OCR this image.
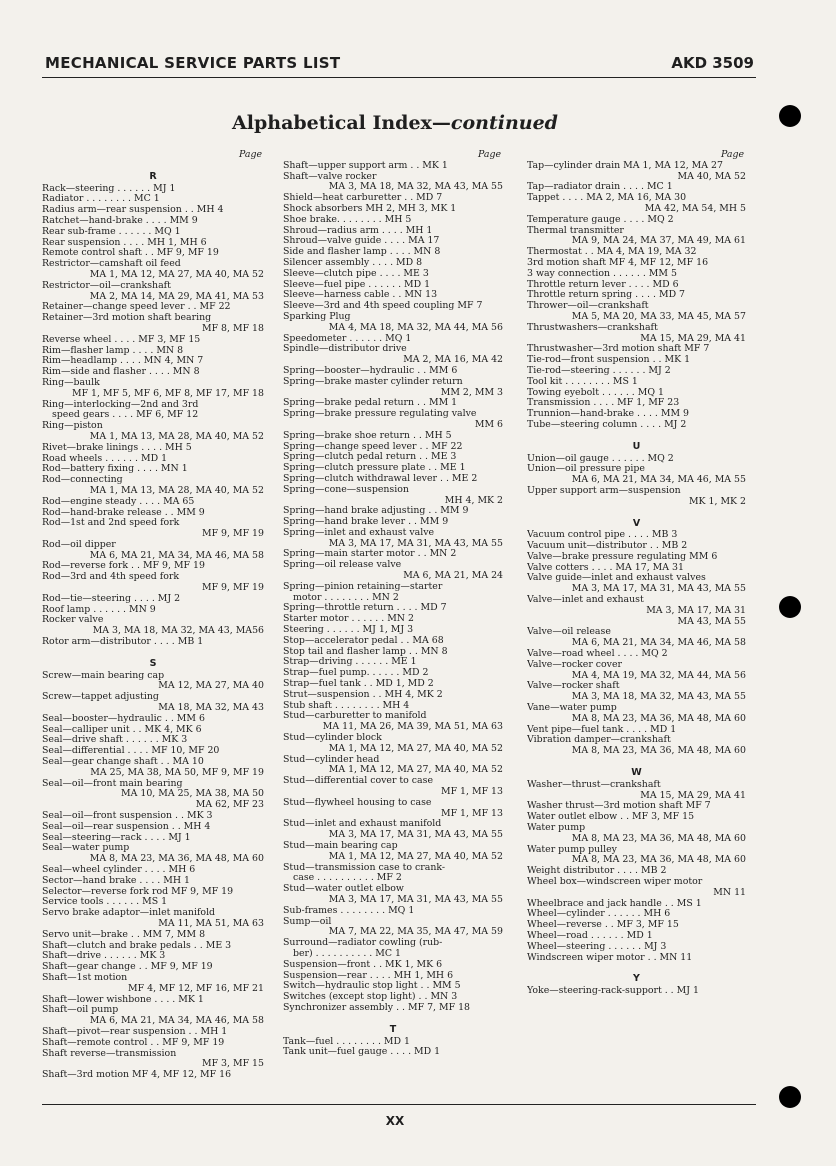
MECHANICAL SERVICE PARTS LIST	AKD 3509
Alphabetical Index—continued
Page
R
Rack—steering . . . . . . MJ 1
Radiator . . . . . . . . MC 1
Radius arm—rear suspension . . MH 4
Ratchet—hand-brake . . . . MM 9
Rear sub-frame . . . . . . MQ 1
Rear suspension . . . . MH 1, MH 6
Remote control shaft . . MF 9, MF 19
Restrictor—camshaft oil feed
MA 1, MA 12, MA 27, MA 40, MA 52
Restrictor—oil—crankshaft
MA 2, MA 14, MA 29, MA 41, MA 53
Retainer—change speed lever . . MF 22
Retainer—3rd motion shaft bearing
MF 8, MF 18
Reverse wheel . . . . MF 3, MF 15
Rim—flasher lamp . . . . MN 8
Rim—headlamp . . . . MN 4, MN 7
Rim—side and flasher . . . . MN 8
Ring—baulk
MF 1, MF 5, MF 6, MF 8, MF 17, MF 18
Ring—interlocking—2nd and 3rd
speed gears . . . . MF 6, MF 12
Ring—piston
MA 1, MA 13, MA 28, MA 40, MA 52
Rivet—brake linings . . . . MH 5
Road wheels . . . . . . MD 1
Rod—battery fixing . . . . MN 1
Rod—connecting
MA 1, MA 13, MA 28, MA 40, MA 52
Rod—engine steady . . . . MA 65
Rod—hand-brake release . . MM 9
Rod—1st and 2nd speed fork
MF 9, MF 19
Rod—oil dipper
MA 6, MA 21, MA 34, MA 46, MA 58
Rod—reverse fork . . MF 9, MF 19
Rod—3rd and 4th speed fork
MF 9, MF 19
Rod—tie—steering . . . . MJ 2
Roof lamp . . . . . . MN 9
Rocker valve
MA 3, MA 18, MA 32, MA 43, MA56
Rotor arm—distributor . . . . MB 1
S
Screw—main bearing cap
MA 12, MA 27, MA 40
Screw—tappet adjusting
MA 18, MA 32, MA 43
Seal—booster—hydraulic . . MM 6
Seal—calliper unit . . MK 4, MK 6
Seal—drive shaft . . . . . . MK 3
Seal—differential . . . . MF 10, MF 20
Seal—gear change shaft . . MA 10
MA 25, MA 38, MA 50, MF 9, MF 19
Seal—oil—front main bearing
MA 10, MA 25, MA 38, MA 50
MA 62, MF 23
Seal—oil—front suspension . . MK 3
Seal—oil—rear suspension . . MH 4
Seal—steering—rack . . . . MJ 1
Seal—water pump
MA 8, MA 23, MA 36, MA 48, MA 60
Seal—wheel cylinder . . . . MH 6
Sector—hand brake . . . . MH 1
Selector—reverse fork rod MF 9, MF 19
Service tools . . . . . . MS 1
Servo brake adaptor—inlet manifold
MA 11, MA 51, MA 63
Servo unit—brake . . MM 7, MM 8
Shaft—clutch and brake pedals . . ME 3
Shaft—drive . . . . . . MK 3
Shaft—gear change . . MF 9, MF 19
Shaft—1st motion
MF 4, MF 12, MF 16, MF 21
Shaft—lower wishbone . . . . MK 1
Shaft—oil pump
MA 6, MA 21, MA 34, MA 46, MA 58
Shaft—pivot—rear suspension . . MH 1
Shaft—remote control . . MF 9, MF 19
Shaft reverse—transmission
MF 3, MF 15
Shaft—3rd motion MF 4, MF 12, MF 16
Page
Shaft—upper support arm . . MK 1
Shaft—valve rocker
MA 3, MA 18, MA 32, MA 43, MA 55
Shield—heat carburetter . . MD 7
Shock absorbers MH 2, MH 3, MK 1
Shoe brake. . . . . . . . MH 5
Shroud—radius arm . . . . MH 1
Shroud—valve guide . . . . MA 17
Side and flasher lamp . . . . MN 8
Silencer assembly . . . . MD 8
Sleeve—clutch pipe . . . . ME 3
Sleeve—fuel pipe . . . . . . MD 1
Sleeve—harness cable . . MN 13
Sleeve—3rd and 4th speed coupling MF 7
Sparking Plug
MA 4, MA 18, MA 32, MA 44, MA 56
Speedometer . . . . . . MQ 1
Spindle—distributor drive
MA 2, MA 16, MA 42
Spring—booster—hydraulic . . MM 6
Spring—brake master cylinder return
MM 2, MM 3
Spring—brake pedal return . . MM 1
Spring—brake pressure regulating valve
MM 6
Spring—brake shoe return . . MH 5
Spring—change speed lever . . MF 22
Spring—clutch pedal return . . ME 3
Spring—clutch pressure plate . . ME 1
Spring—clutch withdrawal lever . . ME 2
Spring—cone—suspension
MH 4, MK 2
Spring—hand brake adjusting . . MM 9
Spring—hand brake lever . . MM 9
Spring—inlet and exhaust valve
MA 3, MA 17, MA 31, MA 43, MA 55
Spring—main starter motor . . MN 2
Spring—oil release valve
MA 6, MA 21, MA 24
Spring—pinion retaining—starter
motor . . . . . . . . MN 2
Spring—throttle return . . . . MD 7
Starter motor . . . . . . MN 2
Steering . . . . . . MJ 1, MJ 3
Stop—accelerator pedal . . MA 68
Stop tail and flasher lamp . . MN 8
Strap—driving . . . . . . ME 1
Strap—fuel pump. . . . . . MD 2
Strap—fuel tank . . MD 1, MD 2
Strut—suspension . . MH 4, MK 2
Stub shaft . . . . . . . . MH 4
Stud—carburetter to manifold
MA 11, MA 26, MA 39, MA 51, MA 63
Stud—cylinder block
MA 1, MA 12, MA 27, MA 40, MA 52
Stud—cylinder head
MA 1, MA 12, MA 27, MA 40, MA 52
Stud—differential cover to case
MF 1, MF 13
Stud—flywheel housing to case
MF 1, MF 13
Stud—inlet and exhaust manifold
MA 3, MA 17, MA 31, MA 43, MA 55
Stud—main bearing cap
MA 1, MA 12, MA 27, MA 40, MA 52
Stud—transmission case to crank-
case . . . . . . . . . . MF 2
Stud—water outlet elbow
MA 3, MA 17, MA 31, MA 43, MA 55
Sub-frames . . . . . . . . MQ 1
Sump—oil
MA 7, MA 22, MA 35, MA 47, MA 59
Surround—radiator cowling (rub-
ber) . . . . . . . . . . MC 1
Suspension—front . . MK 1, MK 6
Suspension—rear . . . . MH 1, MH 6
Switch—hydraulic stop light . . MM 5
Switches (except stop light) . . MN 3
Synchronizer assembly . . MF 7, MF 18
T
Tank—fuel . . . . . . . . MD 1
Tank unit—fuel gauge . . . . MD 1
Page
Tap—cylinder drain MA 1, MA 12, MA 27
MA 40, MA 52
Tap—radiator drain . . . . MC 1
Tappet . . . . MA 2, MA 16, MA 30
MA 42, MA 54, MH 5
Temperature gauge . . . . MQ 2
Thermal transmitter
MA 9, MA 24, MA 37, MA 49, MA 61
Thermostat . . MA 4, MA 19, MA 32
3rd motion shaft MF 4, MF 12, MF 16
3 way connection . . . . . . MM 5
Throttle return lever . . . . MD 6
Throttle return spring . . . . MD 7
Thrower—oil—crankshaft
MA 5, MA 20, MA 33, MA 45, MA 57
Thrustwashers—crankshaft
MA 15, MA 29, MA 41
Thrustwasher—3rd motion shaft MF 7
Tie-rod—front suspension . . MK 1
Tie-rod—steering . . . . . . MJ 2
Tool kit . . . . . . . . MS 1
Towing eyebolt . . . . . . MQ 1
Transmission . . . . MF 1, MF 23
Trunnion—hand-brake . . . . MM 9
Tube—steering column . . . . MJ 2
U
Union—oil gauge . . . . . . MQ 2
Union—oil pressure pipe
MA 6, MA 21, MA 34, MA 46, MA 55
Upper support arm—suspension
MK 1, MK 2
V
Vacuum control pipe . . . . MB 3
Vacuum unit—distributor . . MB 2
Valve—brake pressure regulating MM 6
Valve cotters . . . . MA 17, MA 31
Valve guide—inlet and exhaust valves
MA 3, MA 17, MA 31, MA 43, MA 55
Valve—inlet and exhaust
MA 3, MA 17, MA 31
MA 43, MA 55
Valve—oil release
MA 6, MA 21, MA 34, MA 46, MA 58
Valve—road wheel . . . . MQ 2
Valve—rocker cover
MA 4, MA 19, MA 32, MA 44, MA 56
Valve—rocker shaft
MA 3, MA 18, MA 32, MA 43, MA 55
Vane—water pump
MA 8, MA 23, MA 36, MA 48, MA 60
Vent pipe—fuel tank . . . . MD 1
Vibration damper—crankshaft
MA 8, MA 23, MA 36, MA 48, MA 60
W
Washer—thrust—crankshaft
MA 15, MA 29, MA 41
Washer thrust—3rd motion shaft MF 7
Water outlet elbow . . MF 3, MF 15
Water pump
MA 8, MA 23, MA 36, MA 48, MA 60
Water pump pulley
MA 8, MA 23, MA 36, MA 48, MA 60
Weight distributor . . . . MB 2
Wheel box—windscreen wiper motor
MN 11
Wheelbrace and jack handle . . MS 1
Wheel—cylinder . . . . . . MH 6
Wheel—reverse . . MF 3, MF 15
Wheel—road . . . . . . MD 1
Wheel—steering . . . . . . MJ 3
Windscreen wiper motor . . MN 11
Y
Yoke—steering-rack-support . . MJ 1
XX
